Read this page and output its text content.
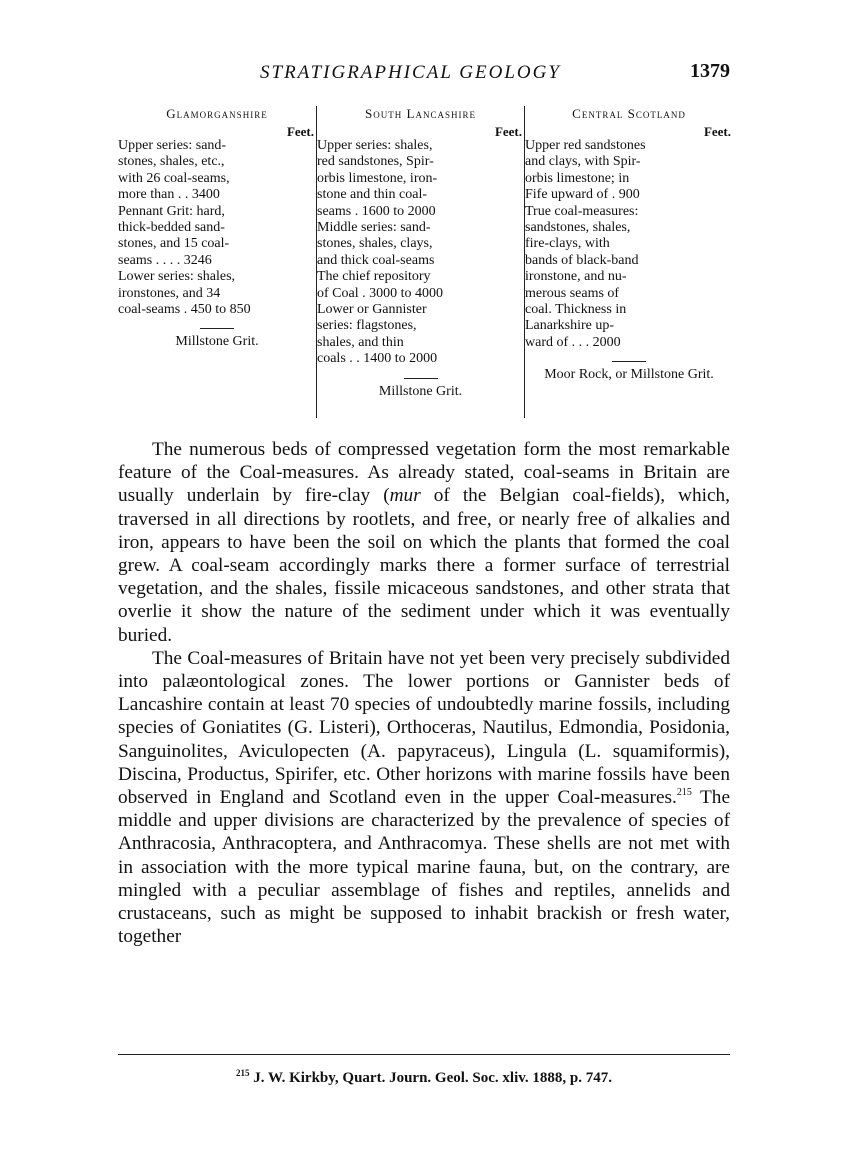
STRATIGRAPHICAL GEOLOGY	1379
Glamorganshire
Feet.
Upper series: sand-
stones, shales, etc.,
with 26 coal-seams,
more than . . 3400
Pennant Grit: hard,
thick-bedded sand-
stones, and 15 coal-
seams . . . . 3246
Lower series: shales,
ironstones, and 34
coal-seams . 450 to 850
Millstone Grit.
South Lancashire
Feet.
Upper series: shales,
red sandstones, Spir-
orbis limestone, iron-
stone and thin coal-
seams . 1600 to 2000
Middle series: sand-
stones, shales, clays,
and thick coal-seams
The chief repository
of Coal . 3000 to 4000
Lower or Gannister
series: flagstones,
shales, and thin
coals . . 1400 to 2000
Millstone Grit.
Central Scotland
Feet.
Upper red sandstones
and clays, with Spir-
orbis limestone; in
Fife upward of . 900
True coal-measures:
sandstones, shales,
fire-clays, with
bands of black-band
ironstone, and nu-
merous seams of
coal. Thickness in
Lanarkshire up-
ward of . . . 2000
Moor Rock, or Millstone Grit.

The numerous beds of compressed vegetation form the most remarkable feature of the Coal-measures. As already stated, coal-seams in Britain are usually underlain by fire-clay (mur of the Belgian coal-fields), which, traversed in all directions by rootlets, and free, or nearly free of alkalies and iron, appears to have been the soil on which the plants that formed the coal grew. A coal-seam accordingly marks there a former surface of terrestrial vegetation, and the shales, fissile micaceous sandstones, and other strata that overlie it show the nature of the sediment under which it was eventually buried.

The Coal-measures of Britain have not yet been very precisely subdivided into palæontological zones. The lower portions or Gannister beds of Lancashire contain at least 70 species of undoubtedly marine fossils, including species of Goniatites (G. Listeri), Orthoceras, Nautilus, Edmondia, Posidonia, Sanguinolites, Aviculopecten (A. papyraceus), Lingula (L. squamiformis), Discina, Productus, Spirifer, etc. Other horizons with marine fossils have been observed in England and Scotland even in the upper Coal-measures.$^{215}$ The middle and upper divisions are characterized by the prevalence of species of Anthracosia, Anthracoptera, and Anthracomya. These shells are not met with in association with the more typical marine fauna, but, on the contrary, are mingled with a peculiar assemblage of fishes and reptiles, annelids and crustaceans, such as might be supposed to inhabit brackish or fresh water, together

$^{215}$ J. W. Kirkby, Quart. Journ. Geol. Soc. xliv. 1888, p. 747.
